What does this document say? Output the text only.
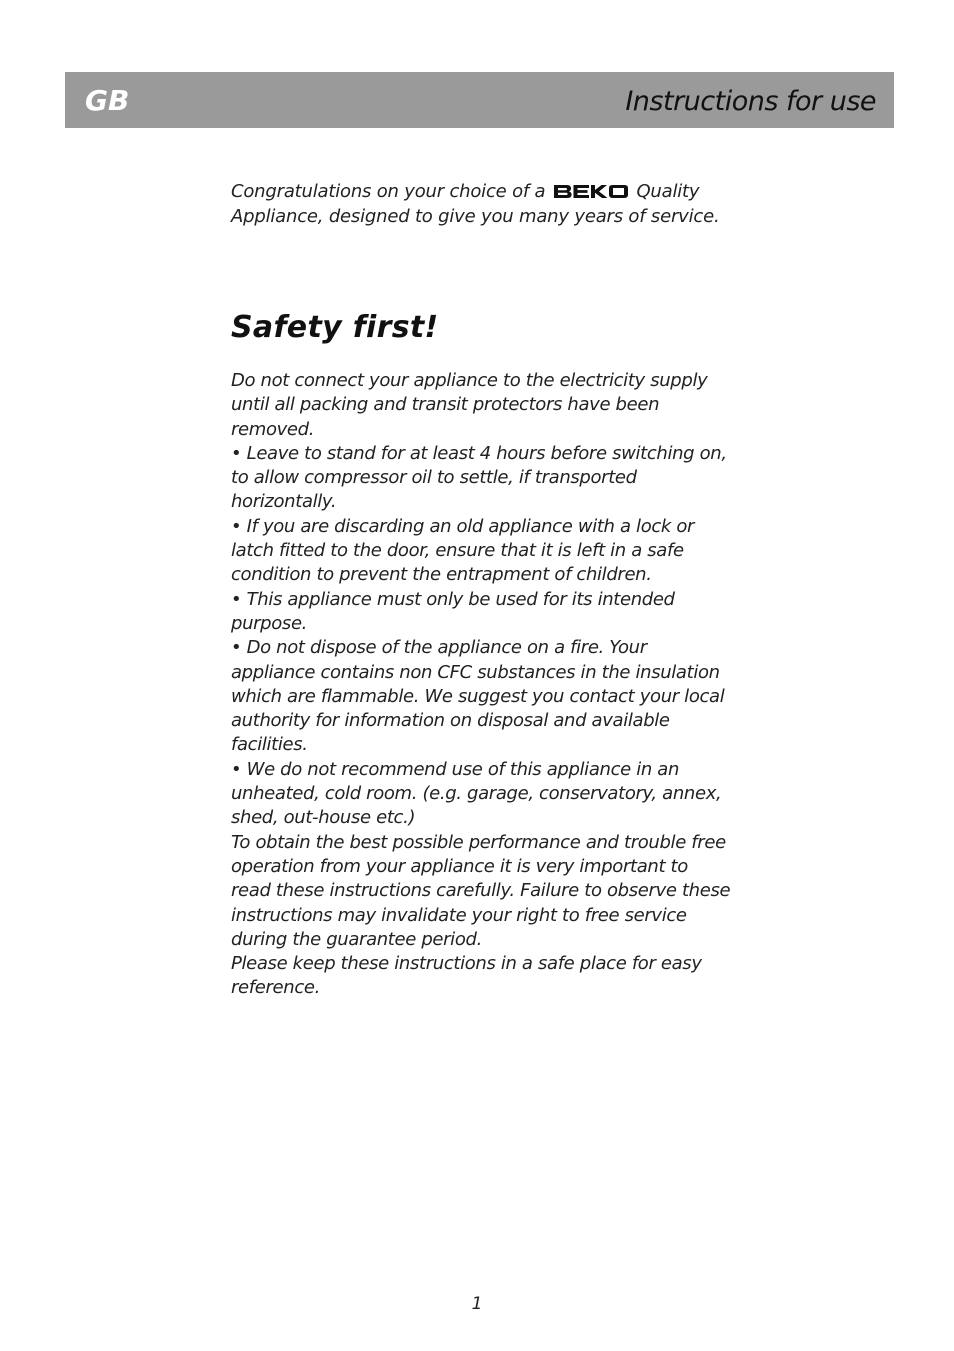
GB	Instructions for use
Congratulations on your choice of a	Quality Appliance, designed to give you many years of service.
Safety first!

Do not connect your appliance to the electricity supply until all packing and transit protectors have been removed.

• Leave to stand for at least 4 hours before switching on, to allow compressor oil to settle, if transported horizontally.

• If you are discarding an old appliance with a lock or latch fitted to the door, ensure that it is left in a safe condition to prevent the entrapment of children.

• This appliance must only be used for its intended purpose.

• Do not dispose of the appliance on a fire. Your appliance contains non CFC substances in the insulation which are flammable. We suggest you contact your local authority for information on disposal and available facilities.

• We do not recommend use of this appliance in an unheated, cold room. (e.g. garage, conservatory, annex, shed, out-house etc.)

To obtain the best possible performance and trouble free operation from your appliance it is very important to read these instructions carefully. Failure to observe these instructions may invalidate your right to free service during the guarantee period.

Please keep these instructions in a safe place for easy reference.

1
